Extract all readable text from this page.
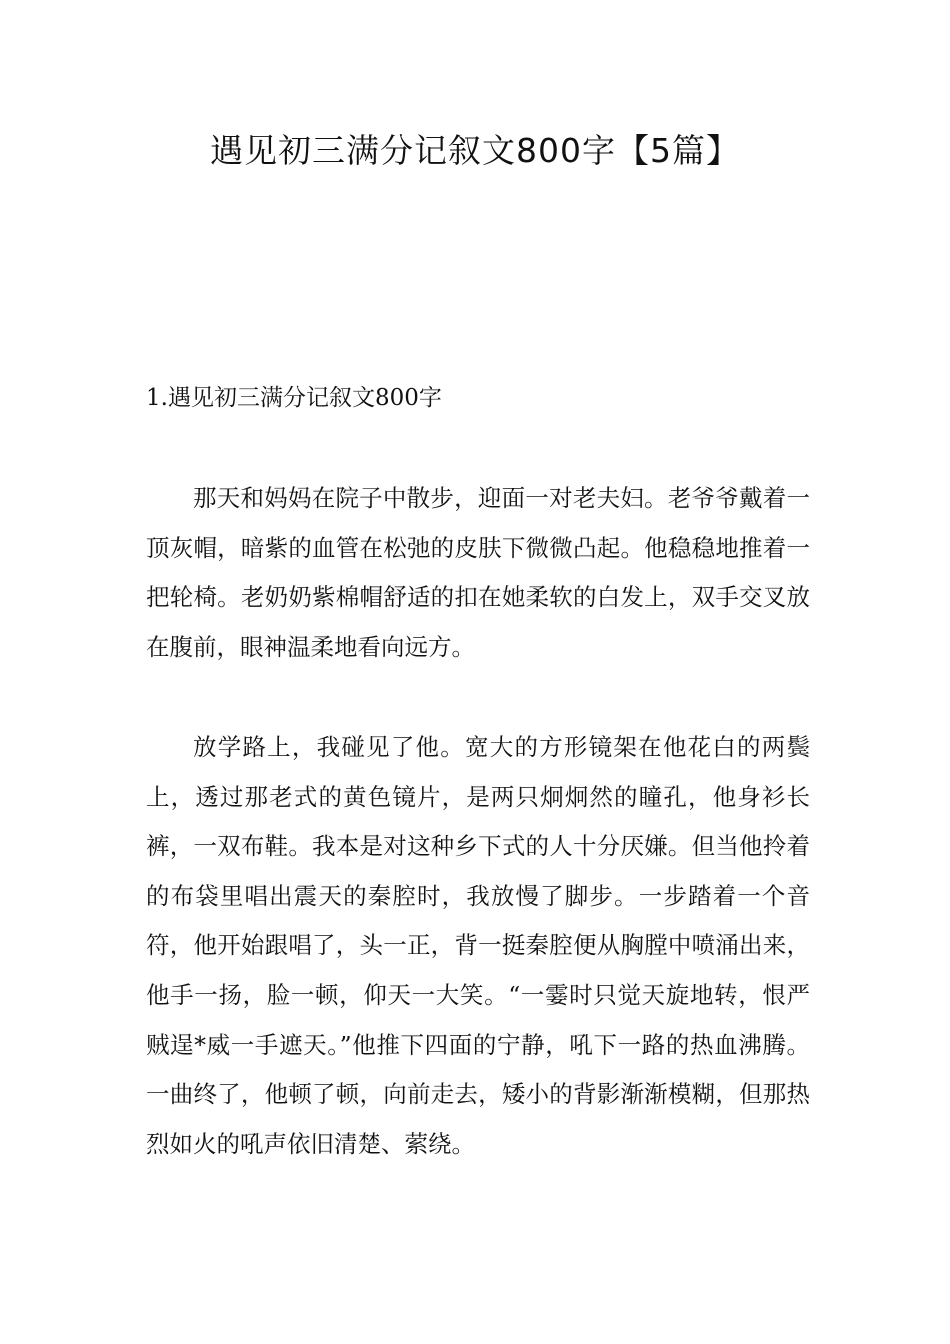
遇见初三满分记叙文800字【5篇】

1.遇见初三满分记叙文800字

那天和妈妈在院子中散步，迎面一对老夫妇。老爷爷戴着一顶灰帽，暗紫的血管在松弛的皮肤下微微凸起。他稳稳地推着一把轮椅。老奶奶紫棉帽舒适的扣在她柔软的白发上，双手交叉放在腹前，眼神温柔地看向远方。

放学路上，我碰见了他。宽大的方形镜架在他花白的两鬓上，透过那老式的黄色镜片，是两只炯炯然的瞳孔，他身衫长裤，一双布鞋。我本是对这种乡下式的人十分厌嫌。但当他拎着的布袋里唱出震天的秦腔时，我放慢了脚步。一步踏着一个音符，他开始跟唱了，头一正，背一挺秦腔便从胸膛中喷涌出来，他手一扬，脸一顿，仰天一大笑。“一霎时只觉天旋地转，恨严贼逞*威一手遮天。”他推下四面的宁静，吼下一路的热血沸腾。一曲终了，他顿了顿，向前走去，矮小的背影渐渐模糊，但那热烈如火的吼声依旧清楚、萦绕。
